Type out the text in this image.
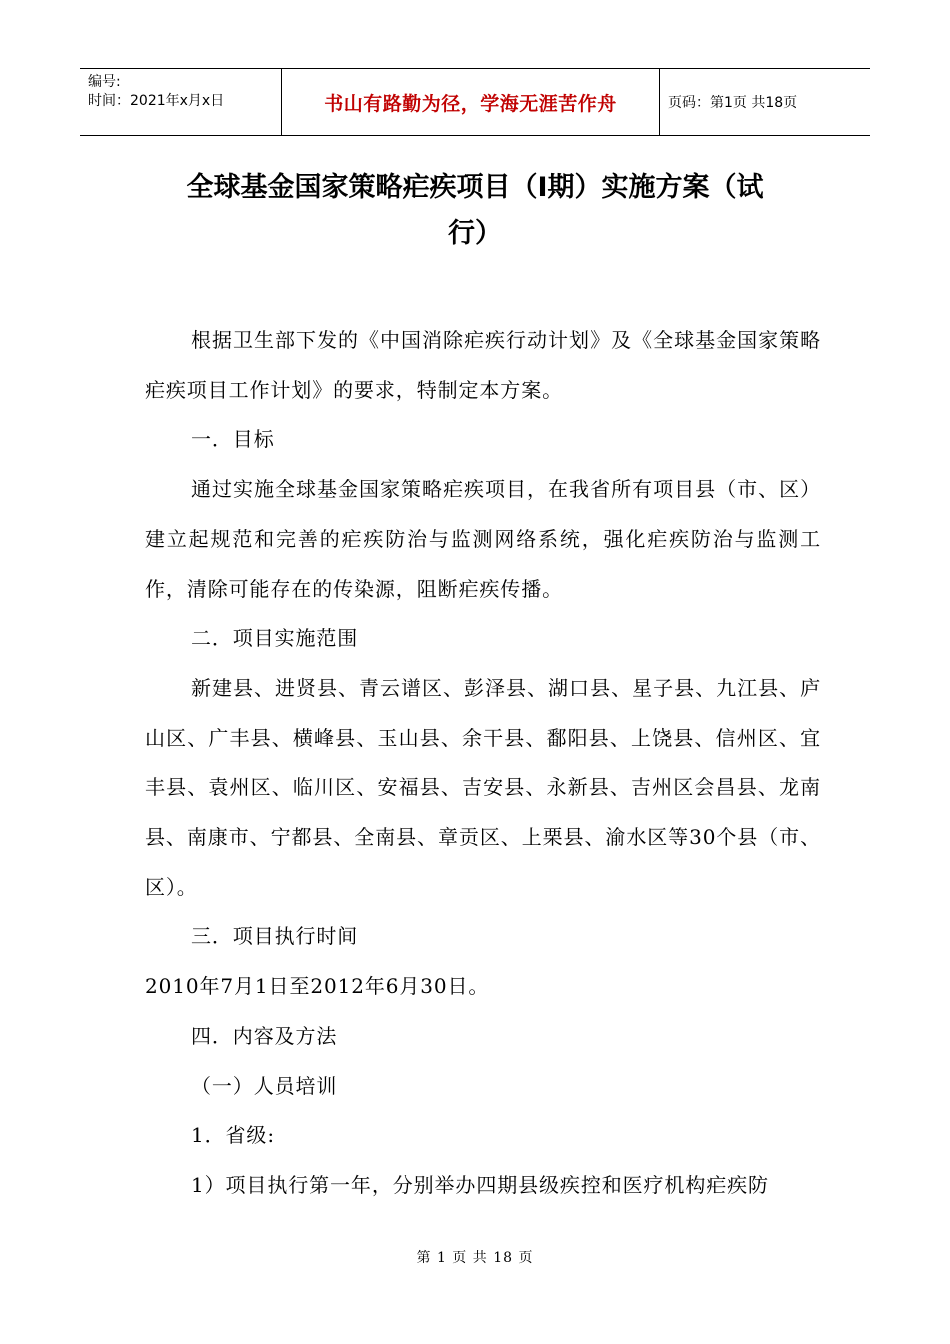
编号:
时间：2021年x月x日	书山有路勤为径，学海无涯苦作舟	页码：第1页 共18页
全球基金国家策略疟疾项目（Ⅰ期）实施方案（试
行）

根据卫生部下发的《中国消除疟疾行动计划》及《全球基金国家策略疟疾项目工作计划》的要求，特制定本方案。

一．目标

通过实施全球基金国家策略疟疾项目，在我省所有项目县（市、区）建立起规范和完善的疟疾防治与监测网络系统，强化疟疾防治与监测工作，清除可能存在的传染源，阻断疟疾传播。

二．项目实施范围

新建县、进贤县、青云谱区、彭泽县、湖口县、星子县、九江县、庐山区、广丰县、横峰县、玉山县、余干县、鄱阳县、上饶县、信州区、宜丰县、袁州区、临川区、安福县、吉安县、永新县、吉州区会昌县、龙南县、南康市、宁都县、全南县、章贡区、上栗县、渝水区等30个县（市、区）。

三．项目执行时间

2010年7月1日至2012年6月30日。

四．内容及方法

（一）人员培训

1．省级:

1）项目执行第一年，分别举办四期县级疾控和医疗机构疟疾防

第 1 页 共 18 页
